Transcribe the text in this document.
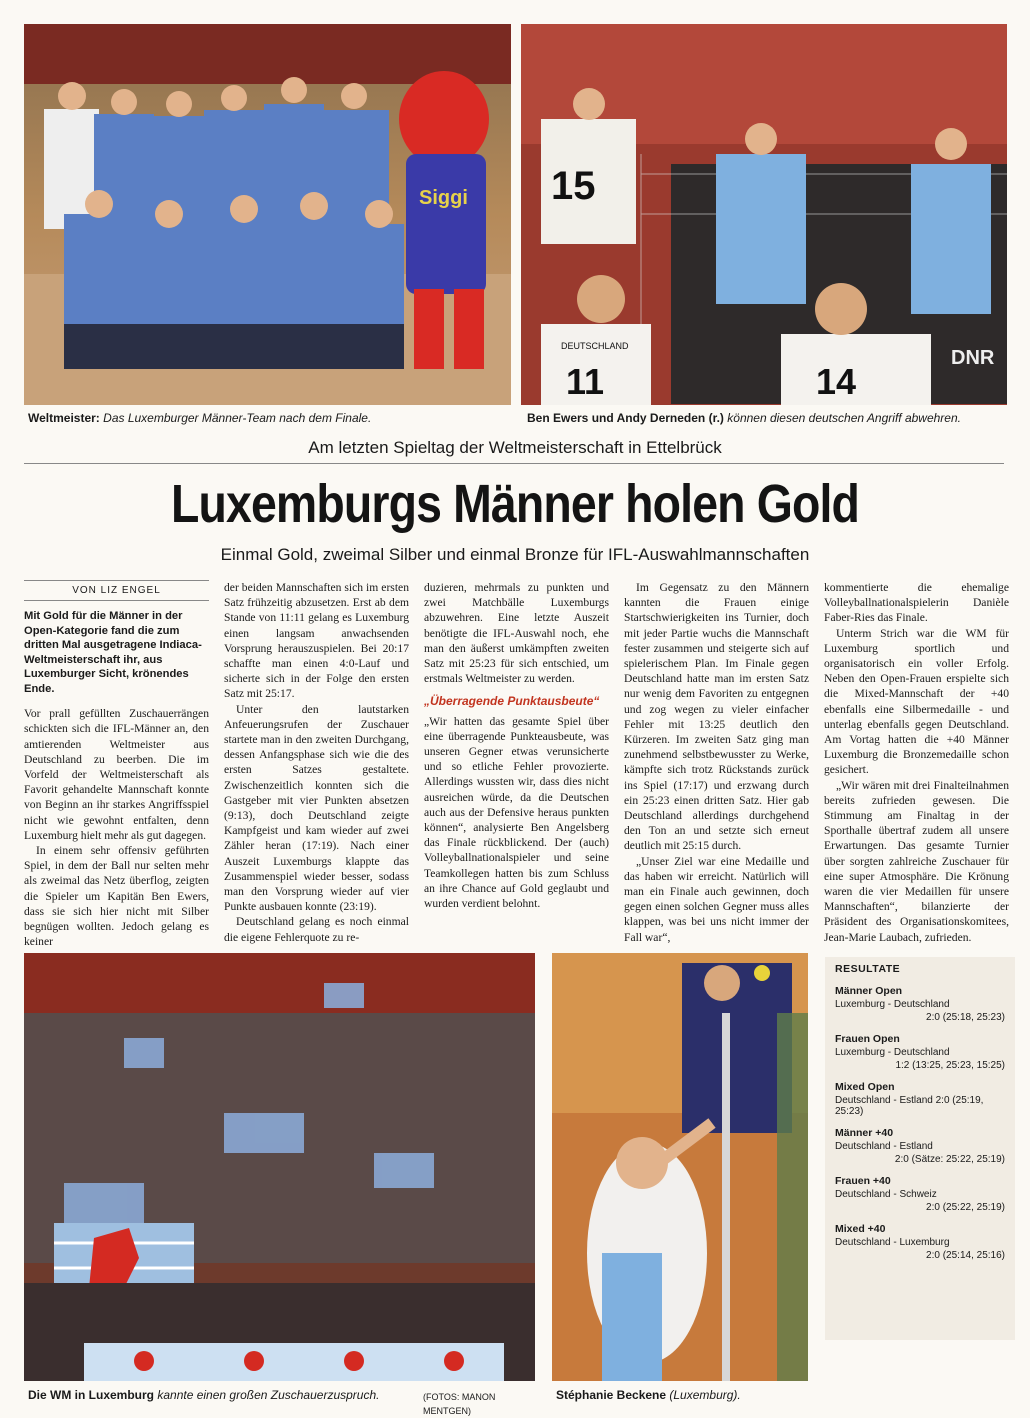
Siggi 15
11	14
DEUTSCHLAND
DNR
Weltmeister: Das Luxemburger Männer-Team nach dem Finale.	Ben Ewers und Andy Derneden (r.) können diesen deutschen Angriff abwehren.
Am letzten Spieltag der Weltmeisterschaft in Ettelbrück
Luxemburgs Männer holen Gold
Einmal Gold, zweimal Silber und einmal Bronze für IFL-Auswahlmannschaften
VON LIZ ENGEL
Mit Gold für die Männer in der Open-Kategorie fand die zum dritten Mal ausgetragene Indiaca-Weltmeisterschaft ihr, aus Luxemburger Sicht, krönendes Ende.

Vor prall gefüllten Zuschauerrängen schickten sich die IFL-Männer an, den amtierenden Weltmeister aus Deutschland zu beerben. Die im Vorfeld der Weltmeisterschaft als Favorit gehandelte Mannschaft konnte von Beginn an ihr starkes Angriffsspiel nicht wie gewohnt entfalten, denn Luxemburg hielt mehr als gut dagegen.

In einem sehr offensiv geführten Spiel, in dem der Ball nur selten mehr als zweimal das Netz überflog, zeigten die Spieler um Kapitän Ben Ewers, dass sie sich hier nicht mit Silber begnügen wollten. Jedoch gelang es keiner

der beiden Mannschaften sich im ersten Satz frühzeitig abzusetzen. Erst ab dem Stande von 11:11 gelang es Luxemburg einen langsam anwachsenden Vorsprung herauszuspielen. Bei 20:17 schaffte man einen 4:0-Lauf und sicherte sich in der Folge den ersten Satz mit 25:17.

Unter den lautstarken Anfeuerungsrufen der Zuschauer startete man in den zweiten Durchgang, dessen Anfangsphase sich wie die des ersten Satzes gestaltete. Zwischenzeitlich konnten sich die Gastgeber mit vier Punkten absetzen (9:13), doch Deutschland zeigte Kampfgeist und kam wieder auf zwei Zähler heran (17:19). Nach einer Auszeit Luxemburgs klappte das Zusammenspiel wieder besser, sodass man den Vorsprung wieder auf vier Punkte ausbauen konnte (23:19).

Deutschland gelang es noch einmal die eigene Fehlerquote zu re-

duzieren, mehrmals zu punkten und zwei Matchbälle Luxemburgs abzuwehren. Eine letzte Auszeit benötigte die IFL-Auswahl noch, ehe man den äußerst umkämpften zweiten Satz mit 25:23 für sich entschied, um erstmals Weltmeister zu werden.

„Überragende Punktausbeute“

„Wir hatten das gesamte Spiel über eine überragende Punkteausbeute, was unseren Gegner etwas verunsicherte und so etliche Fehler provozierte. Allerdings wussten wir, dass dies nicht ausreichen würde, da die Deutschen auch aus der Defensive heraus punkten können“, analysierte Ben Angelsberg das Finale rückblickend. Der (auch) Volleyballnationalspieler und seine Teamkollegen hatten bis zum Schluss an ihre Chance auf Gold geglaubt und wurden verdient belohnt.

Im Gegensatz zu den Männern kannten die Frauen einige Startschwierigkeiten ins Turnier, doch mit jeder Partie wuchs die Mannschaft fester zusammen und steigerte sich auf spielerischem Plan. Im Finale gegen Deutschland hatte man im ersten Satz nur wenig dem Favoriten zu entgegnen und zog wegen zu vieler einfacher Fehler mit 13:25 deutlich den Kürzeren. Im zweiten Satz ging man zunehmend selbstbewusster zu Werke, kämpfte sich trotz Rückstands zurück ins Spiel (17:17) und erzwang durch ein 25:23 einen dritten Satz. Hier gab Deutschland allerdings durchgehend den Ton an und setzte sich erneut deutlich mit 25:15 durch.

„Unser Ziel war eine Medaille und das haben wir erreicht. Natürlich will man ein Finale auch gewinnen, doch gegen einen solchen Gegner muss alles klappen, was bei uns nicht immer der Fall war“,

kommentierte die ehemalige Volleyballnationalspielerin Danièle Faber-Ries das Finale.

Unterm Strich war die WM für Luxemburg sportlich und organisatorisch ein voller Erfolg. Neben den Open-Frauen erspielte sich die Mixed-Mannschaft der +40 ebenfalls eine Silbermedaille - und unterlag ebenfalls gegen Deutschland. Am Vortag hatten die +40 Männer Luxemburg die Bronzemedaille schon gesichert.

„Wir wären mit drei Finalteilnahmen bereits zufrieden gewesen. Die Stimmung am Finaltag in der Sporthalle übertraf zudem all unsere Erwartungen. Das gesamte Turnier über sorgten zahlreiche Zuschauer für eine super Atmosphäre. Die Krönung waren die vier Medaillen für unsere Mannschaften“, bilanzierte der Präsident des Organisationskomitees, Jean-Marie Laubach, zufrieden.

Die WM in Luxemburg kannte einen großen Zuschauerzuspruch.	(FOTOS: MANON MENTGEN)
Stéphanie Beckene (Luxemburg).
RESULTATE
Männer Open
Luxemburg - Deutschland
2:0 (25:18, 25:23)
Frauen Open
Luxemburg - Deutschland
1:2 (13:25, 25:23, 15:25)
Mixed Open
Deutschland - Estland 2:0 (25:19, 25:23)
Männer +40
Deutschland - Estland
2:0 (Sätze: 25:22, 25:19)
Frauen +40
Deutschland - Schweiz
2:0 (25:22, 25:19)
Mixed +40
Deutschland - Luxemburg
2:0 (25:14, 25:16)
